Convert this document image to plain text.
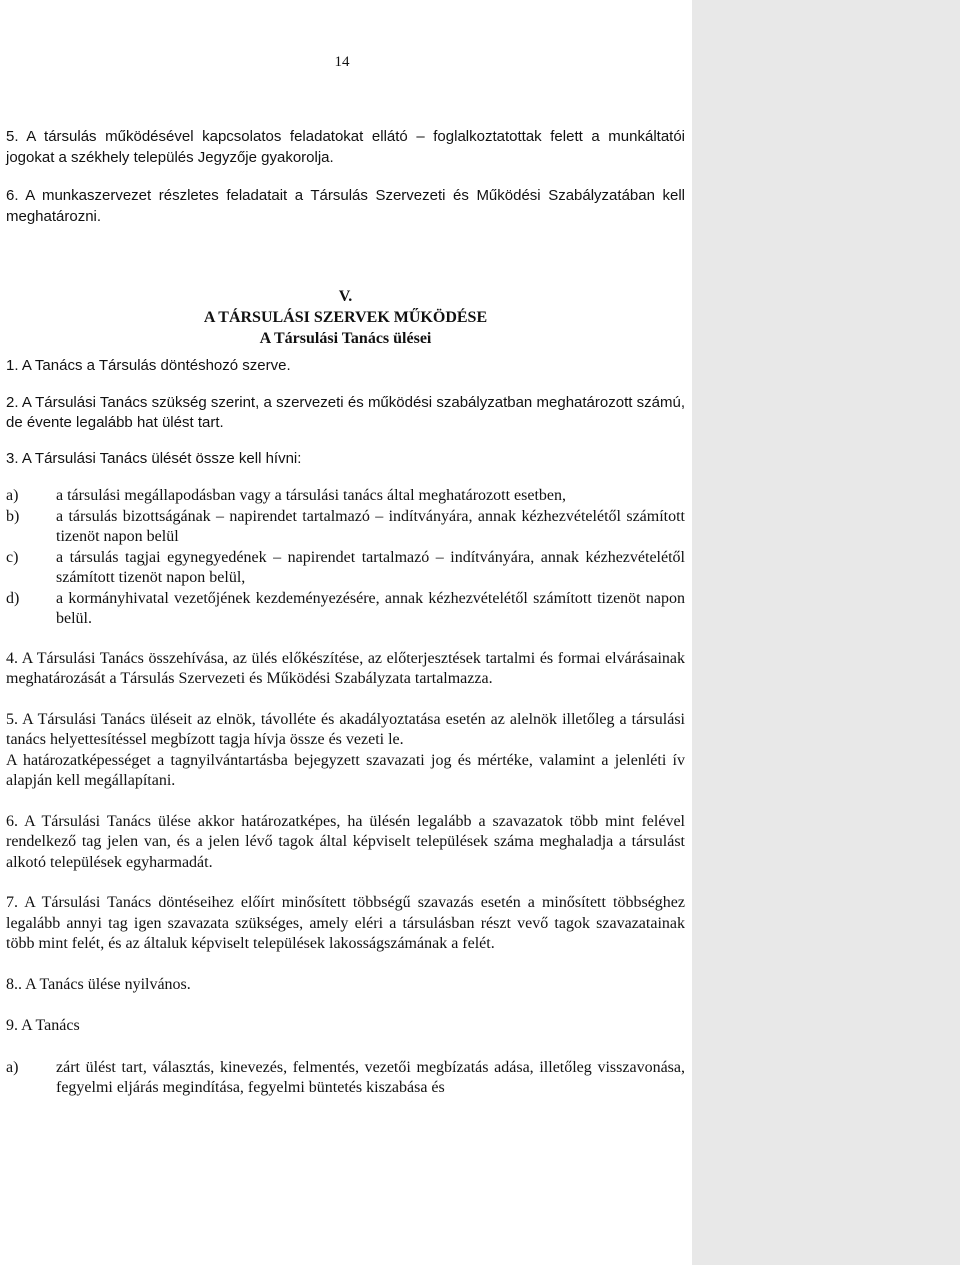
14

5. A társulás működésével kapcsolatos feladatokat ellátó – foglalkoztatottak felett a munkáltatói jogokat a székhely település Jegyzője gyakorolja.

6. A munkaszervezet részletes feladatait a Társulás Szervezeti és Működési Szabályzatában kell meghatározni.

V.

A TÁRSULÁSI SZERVEK MŰKÖDÉSE

A Társulási Tanács ülései

1. A Tanács a Társulás döntéshozó szerve.

2. A Társulási Tanács szükség szerint, a szervezeti és működési szabályzatban meghatározott számú, de évente legalább hat ülést tart.

3. A Társulási Tanács ülését össze kell hívni:

a)	a társulási megállapodásban vagy a társulási tanács által meghatározott esetben,
b)	a társulás bizottságának – napirendet tartalmazó – indítványára, annak kézhezvételétől számított tizenöt napon belül
c)	a társulás tagjai egynegyedének – napirendet tartalmazó – indítványára, annak kézhezvételétől számított tizenöt napon belül,
d)	a kormányhivatal vezetőjének kezdeményezésére, annak kézhezvételétől számított tizenöt napon belül.

4. A Társulási Tanács összehívása, az ülés előkészítése, az előterjesztések tartalmi és formai elvárásainak meghatározását a Társulás Szervezeti és Működési Szabályzata tartalmazza.

5. A Társulási Tanács üléseit az elnök, távolléte és akadályoztatása esetén az alelnök illetőleg a társulási tanács helyettesítéssel megbízott tagja hívja össze és vezeti le.

A határozatképességet a tagnyilvántartásba bejegyzett szavazati jog és mértéke, valamint a jelenléti ív alapján kell megállapítani.

6. A Társulási Tanács ülése akkor határozatképes, ha ülésén legalább a szavazatok több mint felével rendelkező tag jelen van, és a jelen lévő tagok által képviselt települések száma meghaladja a társulást alkotó települések egyharmadát.

7. A Társulási Tanács döntéseihez előírt minősített többségű szavazás esetén a minősített többséghez legalább annyi tag igen szavazata szükséges, amely eléri a társulásban részt vevő tagok szavazatainak több mint felét, és az általuk képviselt települések lakosságszámának a felét.

8.. A Tanács ülése nyilvános.

9. A Tanács

a)	zárt ülést tart, választás, kinevezés, felmentés, vezetői megbízatás adása, illetőleg visszavonása, fegyelmi eljárás megindítása, fegyelmi büntetés kiszabása és
